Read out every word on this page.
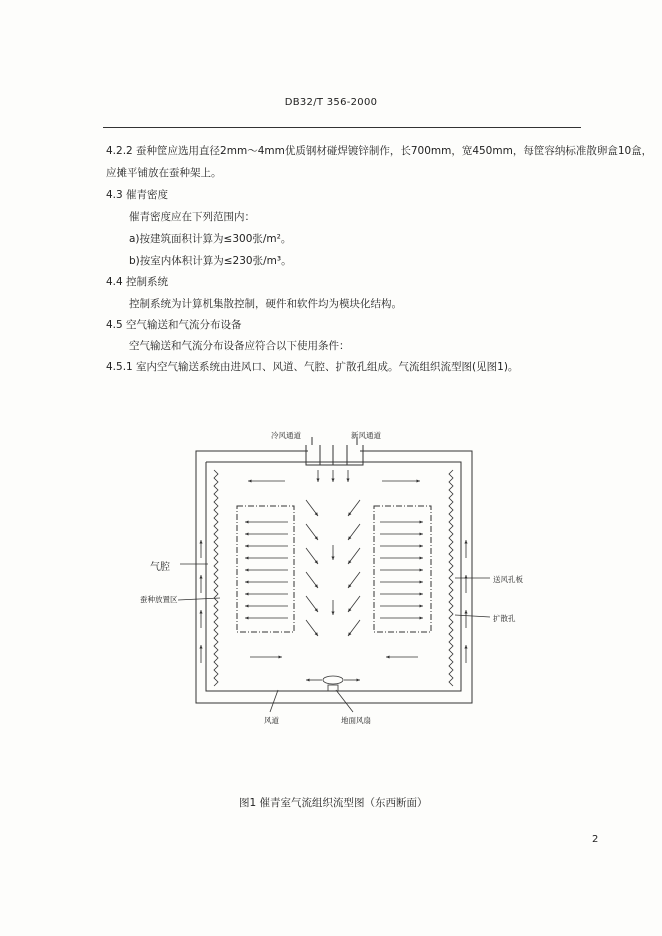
DB32/T 356-2000
4.2.2 蚕种筐应选用直径2mm～4mm优质钢材碰焊镀锌制作，长700mm，宽450mm，每筐容纳标准散卵盒10盒，
应摊平铺放在蚕种架上。
4.3 催青密度
催青密度应在下列范围内：
a)按建筑面积计算为≤300张/m²。
b)按室内体积计算为≤230张/m³。
4.4 控制系统
控制系统为计算机集散控制，硬件和软件均为模块化结构。
4.5 空气输送和气流分布设备
空气输送和气流分布设备应符合以下使用条件：
4.5.1 室内空气输送系统由进风口、风道、气腔、扩散孔组成。气流组织流型图(见图1)。
冷风通道	新风通道
气腔
蚕种放置区
送风孔板
扩散孔
风道	地面风扇
图1 催青室气流组织流型图（东西断面）
2
